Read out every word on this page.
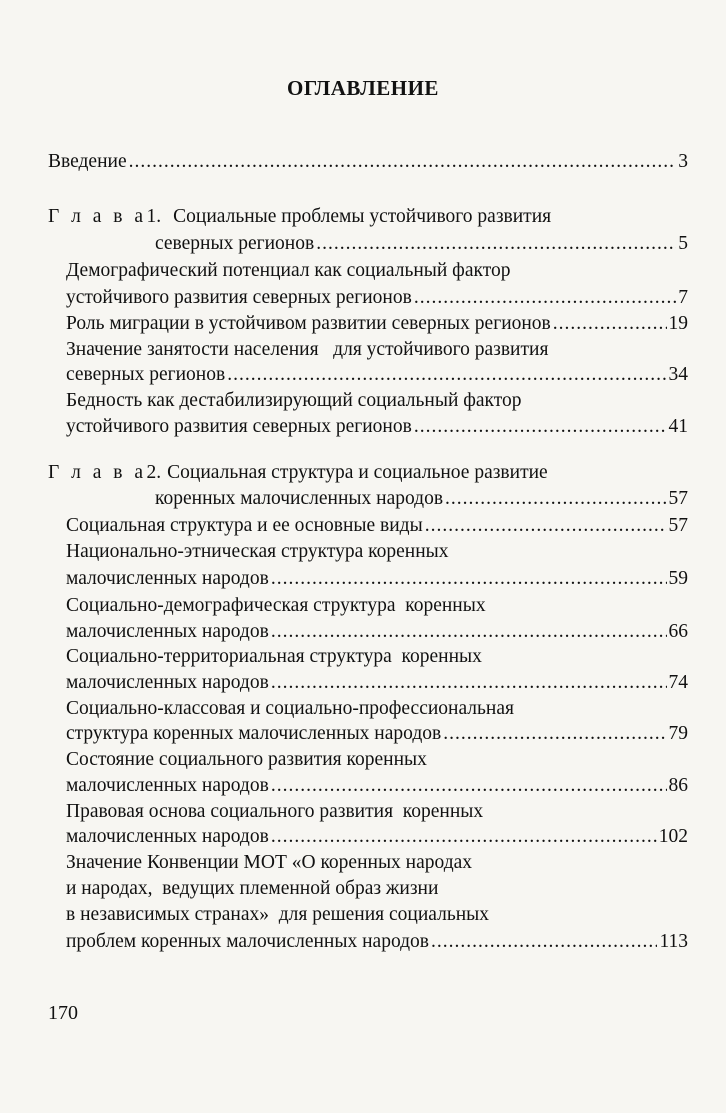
ОГЛАВЛЕНИЕ
Введение .....	3
Г л а в а 1. Социальные проблемы устойчивого развития
северных регионов .....	5
Демографический потенциал как социальный фактор
устойчивого развития северных регионов .....	7
Роль миграции в устойчивом развитии северных регионов .....	19
Значение занятости населения   для устойчивого развития
северных регионов .....	34
Бедность как дестабилизирующий социальный фактор
устойчивого развития северных регионов .....	41
Г л а в а 2. Социальная структура и социальное развитие
коренных малочисленных народов .....	57
Социальная структура и ее основные виды .....	57
Национально-этническая структура коренных
малочисленных народов .....	59
Социально-демографическая структура  коренных
малочисленных народов .....	66
Социально-территориальная структура  коренных
малочисленных народов .....	74
Социально-классовая и социально-профессиональная
структура коренных малочисленных народов .....	79
Состояние социального развития коренных
малочисленных народов .....	86
Правовая основа социального развития  коренных
малочисленных народов .....	102
Значение Конвенции МОТ «О коренных народах
и народах,  ведущих племенной образ жизни
в независимых странах»  для решения социальных
проблем коренных малочисленных народов .....	113
170
